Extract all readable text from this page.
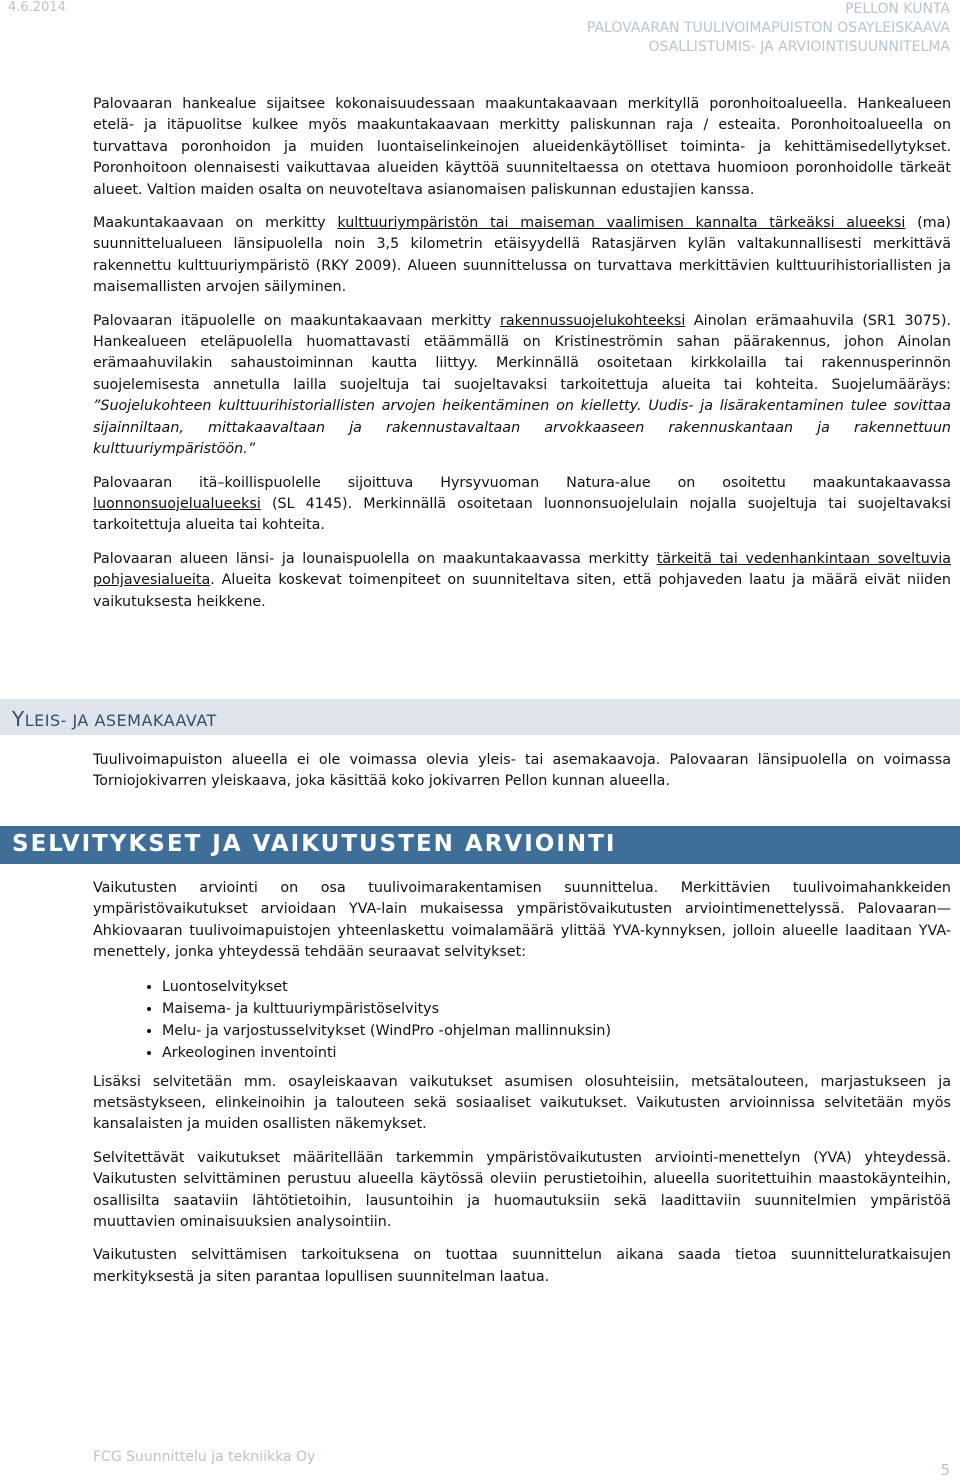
4.6.2014	PELLON KUNTA
PALOVAARAN TUULIVOIMAPUISTON OSAYLEISKAAVA
OSALLISTUMIS- JA ARVIOINTISUUNNITELMA

Palovaaran hankealue sijaitsee kokonaisuudessaan maakuntakaavaan merkityllä poronhoitoalueella. Hankealueen etelä- ja itäpuolitse kulkee myös maakuntakaavaan merkitty paliskunnan raja / esteaita. Poronhoitoalueella on turvattava poronhoidon ja muiden luontaiselinkeinojen alueidenkäytölliset toiminta- ja kehittämisedellytykset. Poronhoitoon olennaisesti vaikuttavaa alueiden käyttöä suunniteltaessa on otettava huomioon poronhoidolle tärkeät alueet. Valtion maiden osalta on neuvoteltava asianomaisen paliskunnan edustajien kanssa.

Maakuntakaavaan on merkitty kulttuuriympäristön tai maiseman vaalimisen kannalta tärkeäksi alueeksi (ma) suunnittelualueen länsipuolella noin 3,5 kilometrin etäisyydellä Ratasjärven kylän valtakunnallisesti merkittävä rakennettu kulttuuriympäristö (RKY 2009). Alueen suunnittelussa on turvattava merkittävien kulttuurihistoriallisten ja maisemallisten arvojen säilyminen.

Palovaaran itäpuolelle on maakuntakaavaan merkitty rakennussuojelukohteeksi Ainolan erämaahuvila (SR1 3075). Hankealueen eteläpuolella huomattavasti etäämmällä on Kristineströmin sahan päärakennus, johon Ainolan erämaahuvilakin sahaustoiminnan kautta liittyy. Merkinnällä osoitetaan kirkkolailla tai rakennusperinnön suojelemisesta annetulla lailla suojeltuja tai suojeltavaksi tarkoitettuja alueita tai kohteita. Suojelumääräys: ”Suojelukohteen kulttuurihistoriallisten arvojen heikentäminen on kielletty. Uudis- ja lisärakentaminen tulee sovittaa sijainniltaan, mittakaavaltaan ja rakennustavaltaan arvokkaaseen rakennuskantaan ja rakennettuun kulttuuriympäristöön.”

Palovaaran itä–koillispuolelle sijoittuva Hyrsyvuoman Natura-alue on osoitettu maakuntakaavassa luonnonsuojelualueeksi (SL 4145). Merkinnällä osoitetaan luonnonsuojelulain nojalla suojeltuja tai suojeltavaksi tarkoitettuja alueita tai kohteita.

Palovaaran alueen länsi- ja lounaispuolella on maakuntakaavassa merkitty tärkeitä tai vedenhankintaan soveltuvia pohjavesialueita. Alueita koskevat toimenpiteet on suunniteltava siten, että pohjaveden laatu ja määrä eivät niiden vaikutuksesta heikkene.

YLEIS- JA ASEMAKAAVAT

Tuulivoimapuiston alueella ei ole voimassa olevia yleis- tai asemakaavoja. Palovaaran länsipuolella on voimassa Torniojokivarren yleiskaava, joka käsittää koko jokivarren Pellon kunnan alueella.

SELVITYKSET JA VAIKUTUSTEN ARVIOINTI

Vaikutusten arviointi on osa tuulivoimarakentamisen suunnittelua. Merkittävien tuulivoimahankkeiden ympäristövaikutukset arvioidaan YVA-lain mukaisessa ympäristövaikutusten arviointimenettelyssä. Palovaaran—Ahkiovaaran tuulivoimapuistojen yhteenlaskettu voimalamäärä ylittää YVA-kynnyksen, jolloin alueelle laaditaan YVA-menettely, jonka yhteydessä tehdään seuraavat selvitykset:

• Luontoselvitykset
• Maisema- ja kulttuuriympäristöselvitys
• Melu- ja varjostusselvitykset (WindPro -ohjelman mallinnuksin)
• Arkeologinen inventointi

Lisäksi selvitetään mm. osayleiskaavan vaikutukset asumisen olosuhteisiin, metsätalouteen, marjastukseen ja metsästykseen, elinkeinoihin ja talouteen sekä sosiaaliset vaikutukset. Vaikutusten arvioinnissa selvitetään myös kansalaisten ja muiden osallisten näkemykset.

Selvitettävät vaikutukset määritellään tarkemmin ympäristövaikutusten arviointi-menettelyn (YVA) yhteydessä. Vaikutusten selvittäminen perustuu alueella käytössä oleviin perustietoihin, alueella suoritettuihin maastokäynteihin, osallisilta saataviin lähtötietoihin, lausuntoihin ja huomautuksiin sekä laadittaviin suunnitelmien ympäristöä muuttavien ominaisuuksien analysointiin.

Vaikutusten selvittämisen tarkoituksena on tuottaa suunnittelun aikana saada tietoa suunnitteluratkaisujen merkityksestä ja siten parantaa lopullisen suunnitelman laatua.

FCG Suunnittelu ja tekniikka Oy
5
